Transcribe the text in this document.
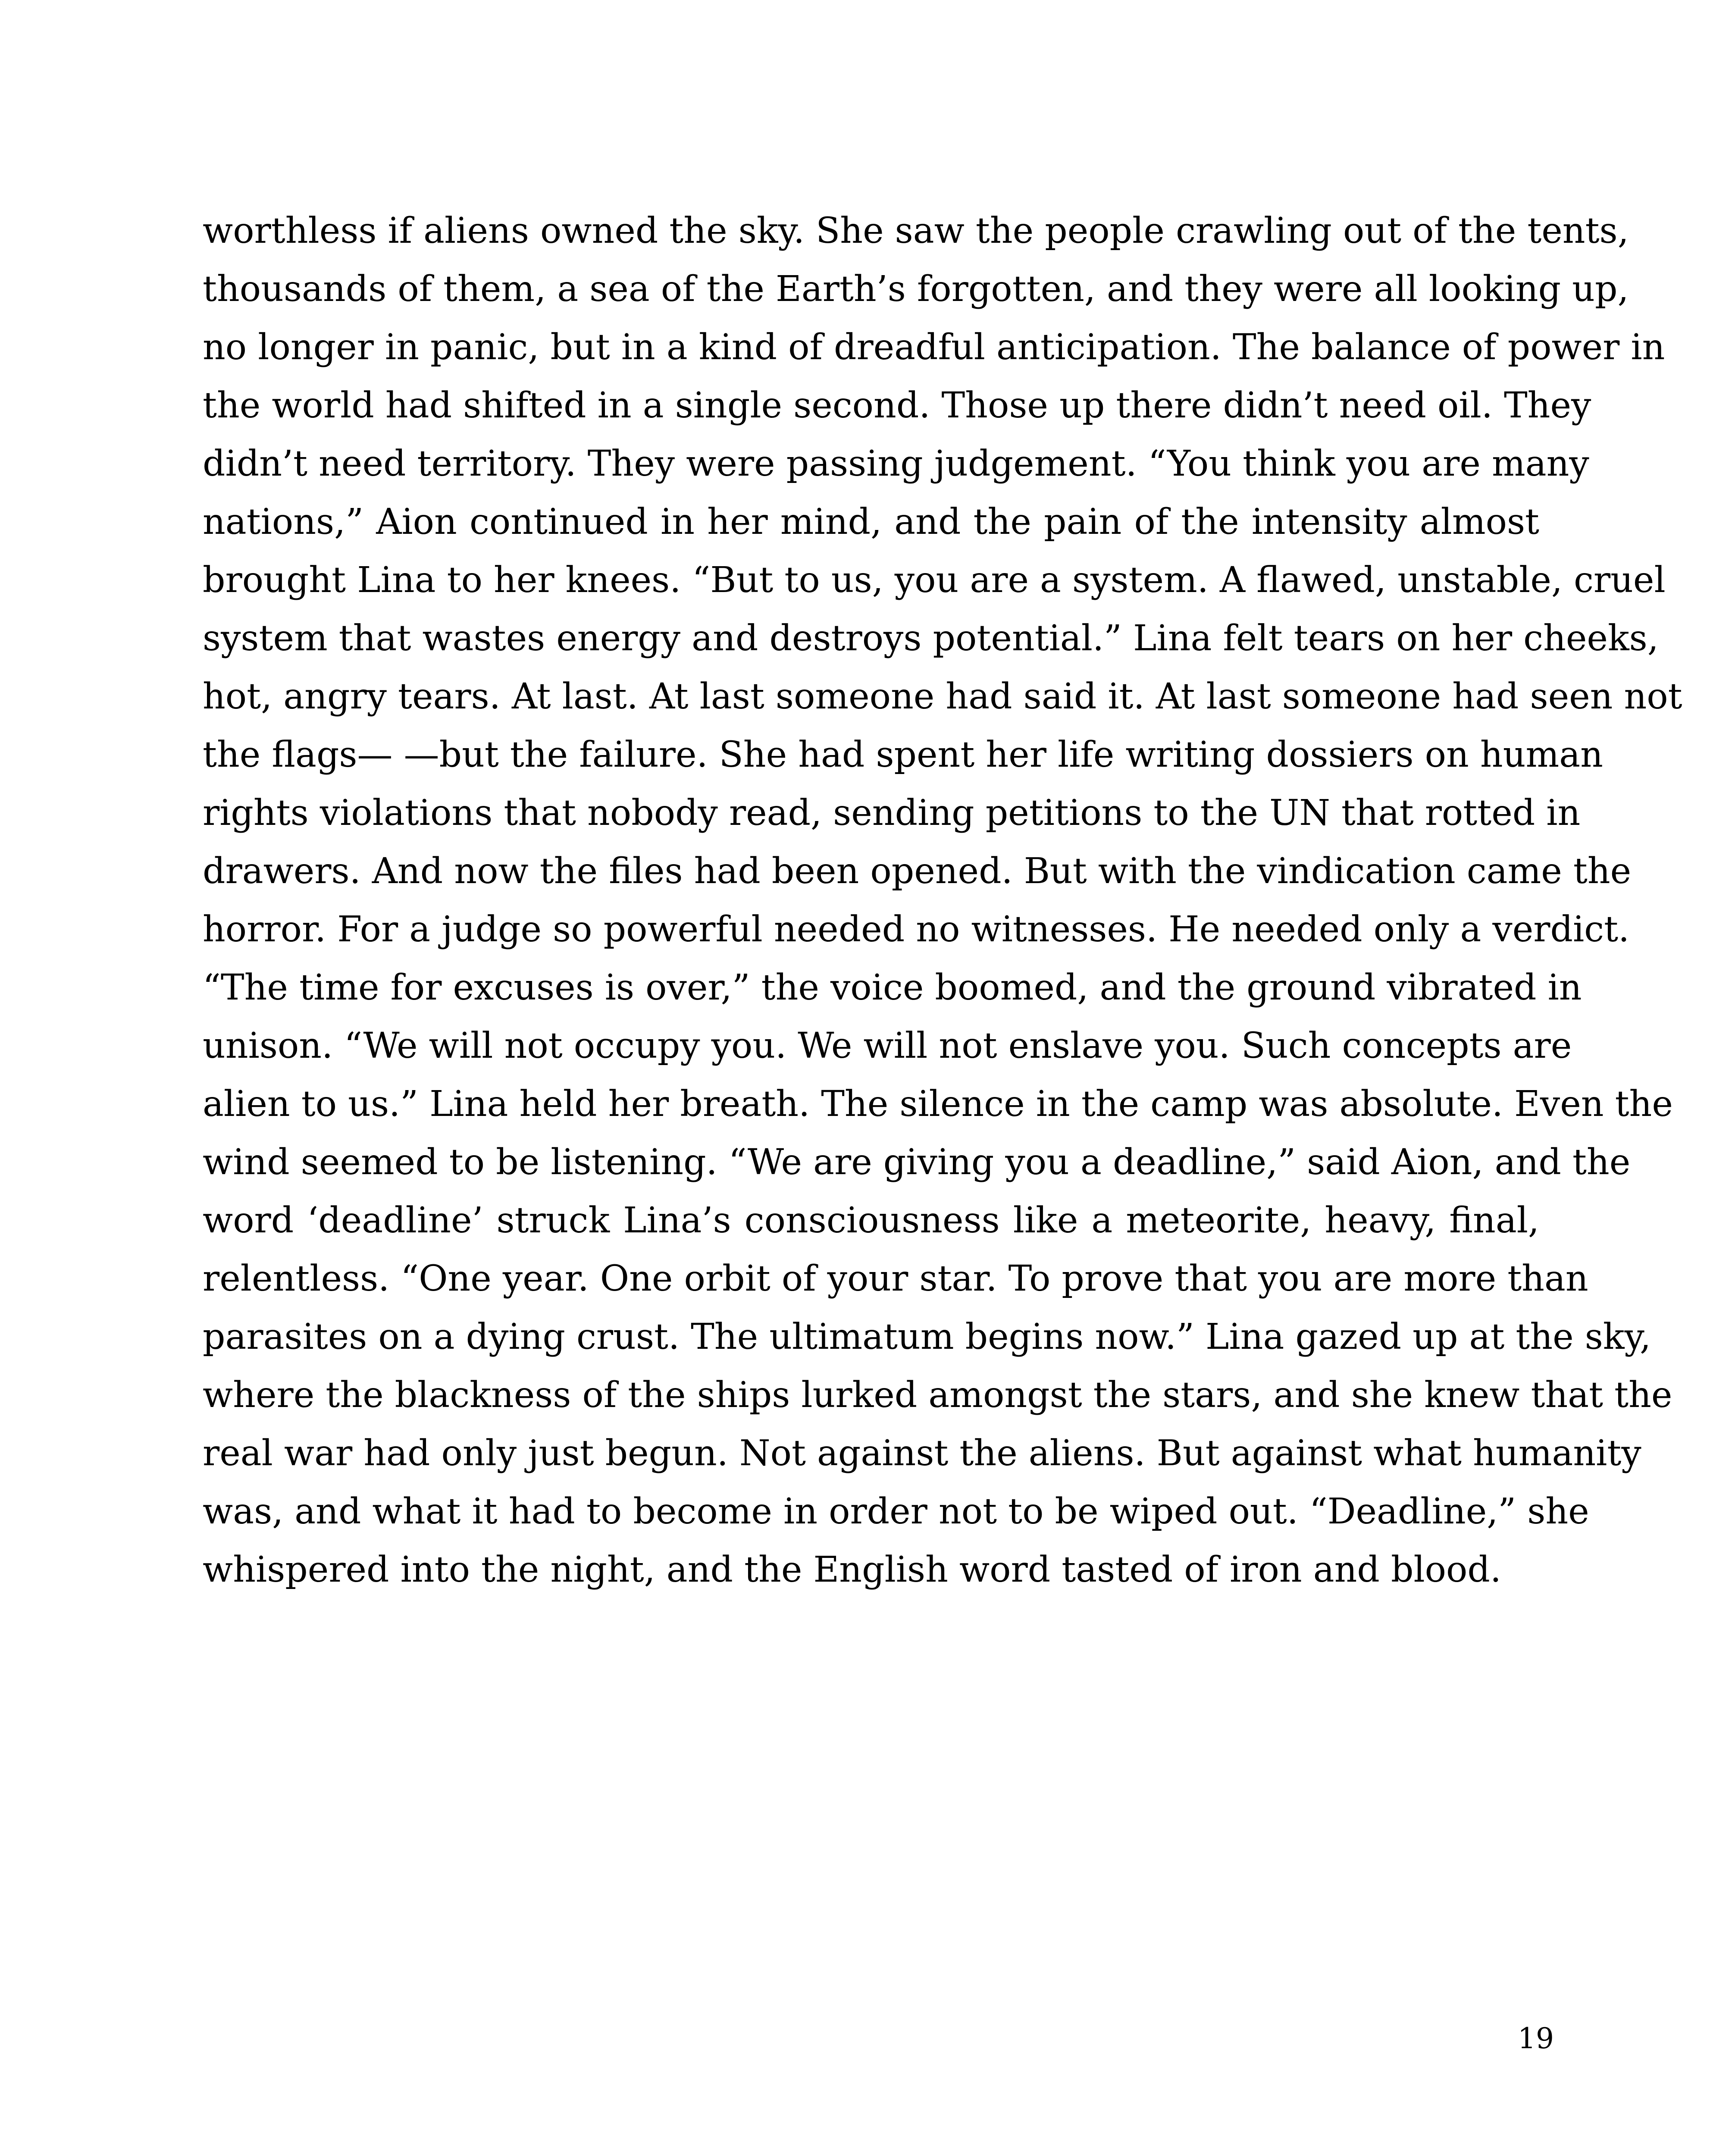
worthless if aliens owned the sky. She saw the people crawling out of the tents,
thousands of them, a sea of the Earth’s forgotten, and they were all looking up,
no longer in panic, but in a kind of dreadful anticipation. The balance of power in
the world had shifted in a single second. Those up there didn’t need oil. They
didn’t need territory. They were passing judgement. “You think you are many
nations,” Aion continued in her mind, and the pain of the intensity almost
brought Lina to her knees. “But to us, you are a system. A flawed, unstable, cruel
system that wastes energy and destroys potential.” Lina felt tears on her cheeks,
hot, angry tears. At last. At last someone had said it. At last someone had seen not
the flags— —but the failure. She had spent her life writing dossiers on human
rights violations that nobody read, sending petitions to the UN that rotted in
drawers. And now the files had been opened. But with the vindication came the
horror. For a judge so powerful needed no witnesses. He needed only a verdict.
“The time for excuses is over,” the voice boomed, and the ground vibrated in
unison. “We will not occupy you. We will not enslave you. Such concepts are
alien to us.” Lina held her breath. The silence in the camp was absolute. Even the
wind seemed to be listening. “We are giving you a deadline,” said Aion, and the
word ‘deadline’ struck Lina’s consciousness like a meteorite, heavy, final,
relentless. “One year. One orbit of your star. To prove that you are more than
parasites on a dying crust. The ultimatum begins now.” Lina gazed up at the sky,
where the blackness of the ships lurked amongst the stars, and she knew that the
real war had only just begun. Not against the aliens. But against what humanity
was, and what it had to become in order not to be wiped out. “Deadline,” she
whispered into the night, and the English word tasted of iron and blood.
19
